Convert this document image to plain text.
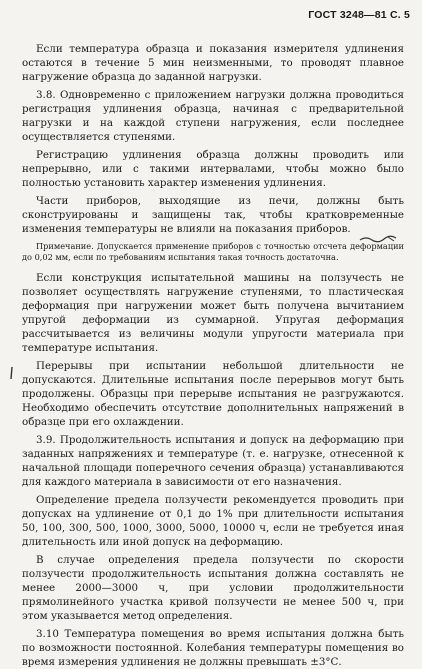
ГОСТ 3248—81 С. 5

Если температура образца и показания измерителя удлинения остаются в течение 5 мин неизменными, то проводят плавное нагружение образца до заданной нагрузки.

3.8. Одновременно с приложением нагрузки должна проводиться регистрация удлинения образца, начиная с предварительной нагрузки и на каждой ступени нагружения, если последнее осуществляется ступенями.

Регистрацию удлинения образца должны проводить или непрерывно, или с такими интервалами, чтобы можно было полностью установить характер изменения удлинения.

Части приборов, выходящие из печи, должны быть сконструированы и защищены так, чтобы кратковременные изменения температуры не влияли на показания приборов.

Примечание. Допускается применение приборов с точностью отсчета деформации до 0,02 мм, если по требованиям испытания такая точность достаточна.

Если конструкция испытательной машины на ползучесть не позволяет осуществлять нагружение ступенями, то пластическая деформация при нагружении может быть получена вычитанием упругой деформации из суммарной. Упругая деформация рассчитывается из величины модули упругости материала при температуре испытания.

Перерывы при испытании небольшой длительности не допускаются. Длительные испытания после перерывов могут быть продолжены. Образцы при перерыве испытания не разгружаются. Необходимо обеспечить отсутствие дополнительных напряжений в образце при его охлаждении.

3.9. Продолжительность испытания и допуск на деформацию при заданных напряжениях и температуре (т. е. нагрузке, отнесенной к начальной площади поперечного сечения образца) устанавливаются для каждого материала в зависимости от его назначения.

Определение предела ползучести рекомендуется проводить при допусках на удлинение от 0,1 до 1% при длительности испытания 50, 100, 300, 500, 1000, 3000, 5000, 10000 ч, если не требуется иная длительность или иной допуск на деформацию.

В случае определения предела ползучести по скорости ползучести продолжительность испытания должна составлять не менее 2000—3000 ч, при условии продолжительности прямолинейного участка кривой ползучести не менее 500 ч, при этом указывается метод определения.

3.10 Температура помещения во время испытания должна быть по возможности постоянной. Колебания температуры помещения во время измерения удлинения не должны превышать ±3°С.
